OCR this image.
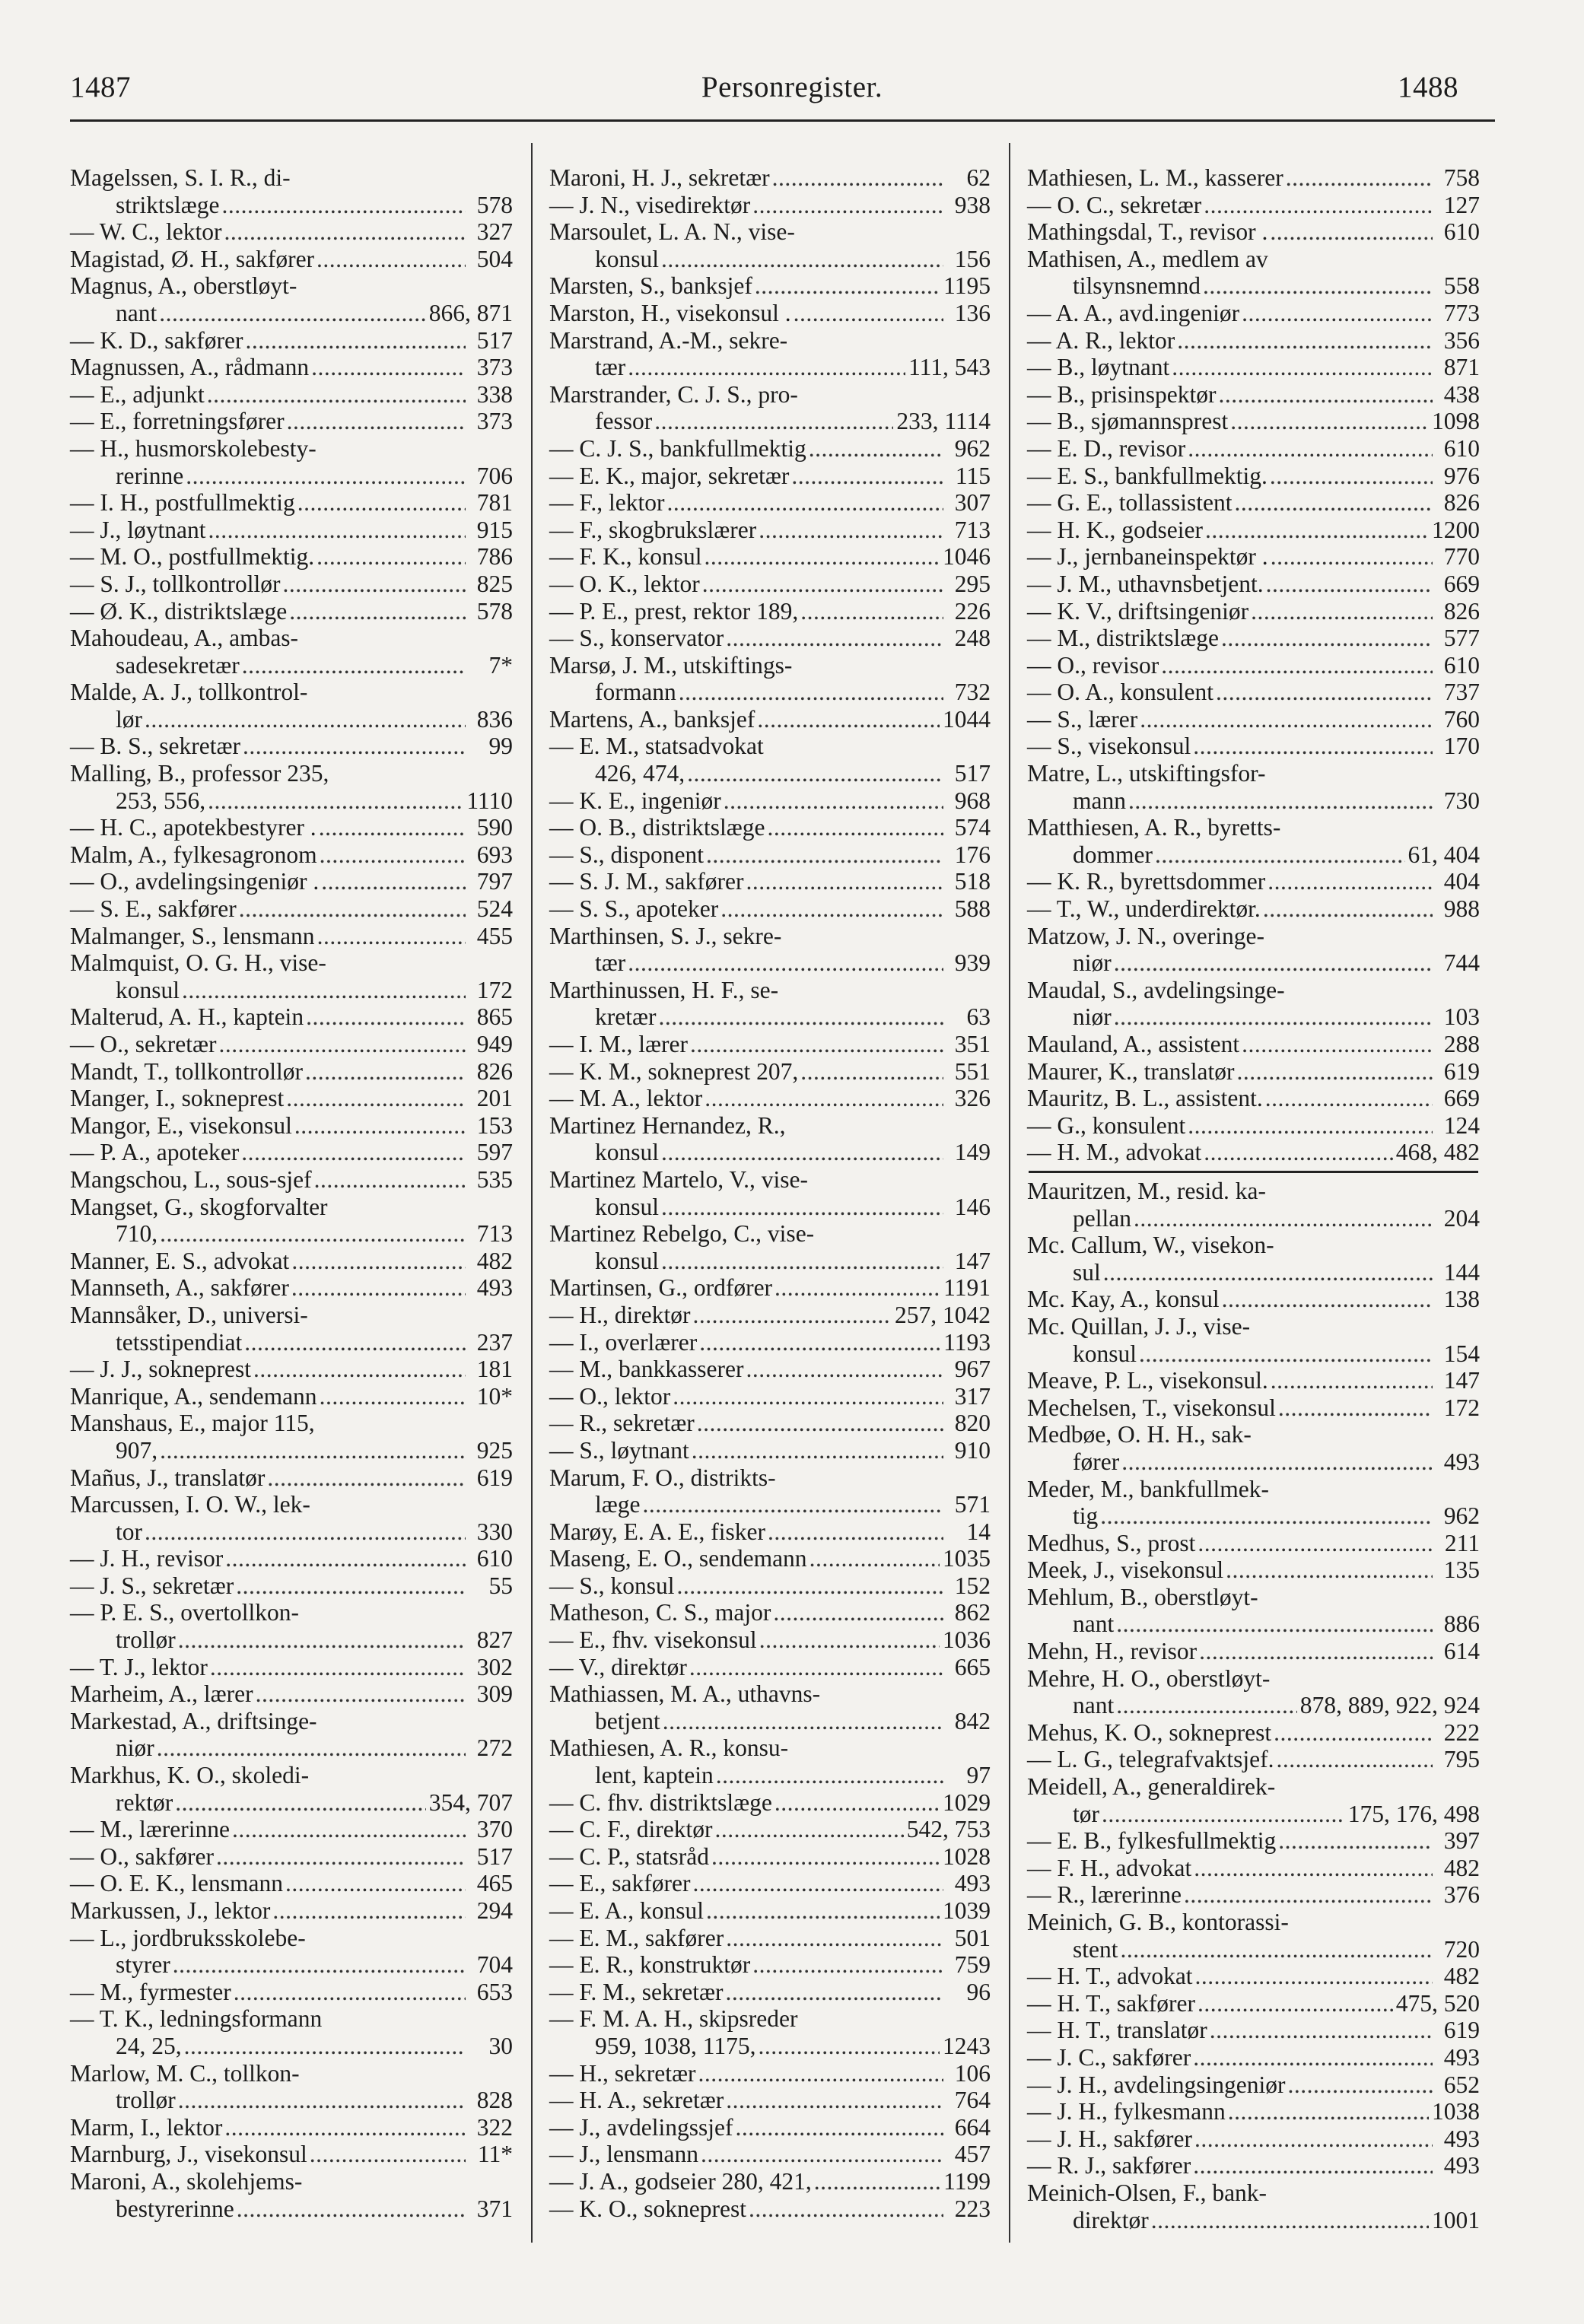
1487	Personregister.	1488
Magelssen, S. I. R., di-
striktslæge .....	578
— W. C., lektor .....	327
Magistad, Ø. H., sakfører .....	504
Magnus, A., oberstløyt-
nant .....	866, 871
— K. D., sakfører .....	517
Magnussen, A., rådmann .....	373
— E., adjunkt .....	338
— E., forretningsfører .....	373
— H., husmorskolebesty-
rerinne .....	706
— I. H., postfullmektig .....	781
— J., løytnant .....	915
— M. O., postfullmektig. .....	786
— S. J., tollkontrollør .....	825
— Ø. K., distriktslæge .....	578
Mahoudeau, A., ambas-
sadesekretær .....	7*
Malde, A. J., tollkontrol-
lør .....	836
— B. S., sekretær .....	99
Malling, B., professor 235,
253, 556, .....	1110
— H. C., apotekbestyrer . .....	590
Malm, A., fylkesagronom .....	693
— O., avdelingsingeniør . .....	797
— S. E., sakfører .....	524
Malmanger, S., lensmann .....	455
Malmquist, O. G. H., vise-
konsul .....	172
Malterud, A. H., kaptein .....	865
— O., sekretær .....	949
Mandt, T., tollkontrollør .....	826
Manger, I., sokneprest .....	201
Mangor, E., visekonsul .....	153
— P. A., apoteker .....	597
Mangschou, L., sous-sjef .....	535
Mangset, G., skogforvalter
710, .....	713
Manner, E. S., advokat .....	482
Mannseth, A., sakfører .....	493
Mannsåker, D., universi-
tetsstipendiat .....	237
— J. J., sokneprest .....	181
Manrique, A., sendemann .....	10*
Manshaus, E., major 115,
907, .....	925
Mañus, J., translatør .....	619
Marcussen, I. O. W., lek-
tor .....	330
— J. H., revisor .....	610
— J. S., sekretær .....	55
— P. E. S., overtollkon-
trollør .....	827
— T. J., lektor .....	302
Marheim, A., lærer .....	309
Markestad, A., driftsinge-
niør .....	272
Markhus, K. O., skoledi-
rektør .....	354, 707
— M., lærerinne .....	370
— O., sakfører .....	517
— O. E. K., lensmann .....	465
Markussen, J., lektor .....	294
— L., jordbruksskolebe-
styrer .....	704
— M., fyrmester .....	653
— T. K., ledningsformann
24, 25, .....	30
Marlow, M. C., tollkon-
trollør .....	828
Marm, I., lektor .....	322
Marnburg, J., visekonsul .....	11*
Maroni, A., skolehjems-
bestyrerinne .....	371
Maroni, H. J., sekretær .....	62
— J. N., visedirektør .....	938
Marsoulet, L. A. N., vise-
konsul .....	156
Marsten, S., banksjef .....	1195
Marston, H., visekonsul . .....	136
Marstrand, A.-M., sekre-
tær .....	111, 543
Marstrander, C. J. S., pro-
fessor .....	233, 1114
— C. J. S., bankfullmektig .....	962
— E. K., major, sekretær .....	115
— F., lektor .....	307
— F., skogbrukslærer .....	713
— F. K., konsul .....	1046
— O. K., lektor .....	295
— P. E., prest, rektor 189, .....	226
— S., konservator .....	248
Marsø, J. M., utskiftings-
formann .....	732
Martens, A., banksjef .....	1044
— E. M., statsadvokat
426, 474, .....	517
— K. E., ingeniør .....	968
— O. B., distriktslæge .....	574
— S., disponent .....	176
— S. J. M., sakfører .....	518
— S. S., apoteker .....	588
Marthinsen, S. J., sekre-
tær .....	939
Marthinussen, H. F., se-
kretær .....	63
— I. M., lærer .....	351
— K. M., sokneprest 207, .....	551
— M. A., lektor .....	326
Martinez Hernandez, R.,
konsul .....	149
Martinez Martelo, V., vise-
konsul .....	146
Martinez Rebelgo, C., vise-
konsul .....	147
Martinsen, G., ordfører .....	1191
— H., direktør .....	257, 1042
— I., overlærer .....	1193
— M., bankkasserer .....	967
— O., lektor .....	317
— R., sekretær .....	820
— S., løytnant .....	910
Marum, F. O., distrikts-
læge .....	571
Marøy, E. A. E., fisker .....	14
Maseng, E. O., sendemann .....	1035
— S., konsul .....	152
Matheson, C. S., major .....	862
— E., fhv. visekonsul .....	1036
— V., direktør .....	665
Mathiassen, M. A., uthavns-
betjent .....	842
Mathiesen, A. R., konsu-
lent, kaptein .....	97
— C. fhv. distriktslæge .....	1029
— C. F., direktør .....	542, 753
— C. P., statsråd .....	1028
— E., sakfører .....	493
— E. A., konsul .....	1039
— E. M., sakfører .....	501
— E. R., konstruktør .....	759
— F. M., sekretær .....	96
— F. M. A. H., skipsreder
959, 1038, 1175, .....	1243
— H., sekretær .....	106
— H. A., sekretær .....	764
— J., avdelingssjef .....	664
— J., lensmann .....	457
— J. A., godseier 280, 421, .....	1199
— K. O., sokneprest .....	223
Mathiesen, L. M., kasserer .....	758
— O. C., sekretær .....	127
Mathingsdal, T., revisor . .....	610
Mathisen, A., medlem av
tilsynsnemnd .....	558
— A. A., avd.ingeniør .....	773
— A. R., lektor .....	356
— B., løytnant .....	871
— B., prisinspektør .....	438
— B., sjømannsprest .....	1098
— E. D., revisor .....	610
— E. S., bankfullmektig. .....	976
— G. E., tollassistent .....	826
— H. K., godseier .....	1200
— J., jernbaneinspektør . .....	770
— J. M., uthavnsbetjent. .....	669
— K. V., driftsingeniør .....	826
— M., distriktslæge .....	577
— O., revisor .....	610
— O. A., konsulent .....	737
— S., lærer .....	760
— S., visekonsul .....	170
Matre, L., utskiftingsfor-
mann .....	730
Matthiesen, A. R., byretts-
dommer .....	61, 404
— K. R., byrettsdommer .....	404
— T., W., underdirektør. .....	988
Matzow, J. N., overinge-
niør .....	744
Maudal, S., avdelingsinge-
niør .....	103
Mauland, A., assistent .....	288
Maurer, K., translatør .....	619
Mauritz, B. L., assistent. .....	669
— G., konsulent .....	124
— H. M., advokat .....	468, 482
Mauritzen, M., resid. ka-
pellan .....	204
Mc. Callum, W., visekon-
sul .....	144
Mc. Kay, A., konsul .....	138
Mc. Quillan, J. J., vise-
konsul .....	154
Meave, P. L., visekonsul. .....	147
Mechelsen, T., visekonsul .....	172
Medbøe, O. H. H., sak-
fører .....	493
Meder, M., bankfullmek-
tig .....	962
Medhus, S., prost .....	211
Meek, J., visekonsul .....	135
Mehlum, B., oberstløyt-
nant .....	886
Mehn, H., revisor .....	614
Mehre, H. O., oberstløyt-
nant .....	878, 889, 922, 924
Mehus, K. O., sokneprest .....	222
— L. G., telegrafvaktsjef. .....	795
Meidell, A., generaldirek-
tør .....	175, 176, 498
— E. B., fylkesfullmektig .....	397
— F. H., advokat .....	482
— R., lærerinne .....	376
Meinich, G. B., kontorassi-
stent .....	720
— H. T., advokat .....	482
— H. T., sakfører .....	475, 520
— H. T., translatør .....	619
— J. C., sakfører .....	493
— J. H., avdelingsingeniør .....	652
— J. H., fylkesmann .....	1038
— J. H., sakfører .....	493
— R. J., sakfører .....	493
Meinich-Olsen, F., bank-
direktør .....	1001
